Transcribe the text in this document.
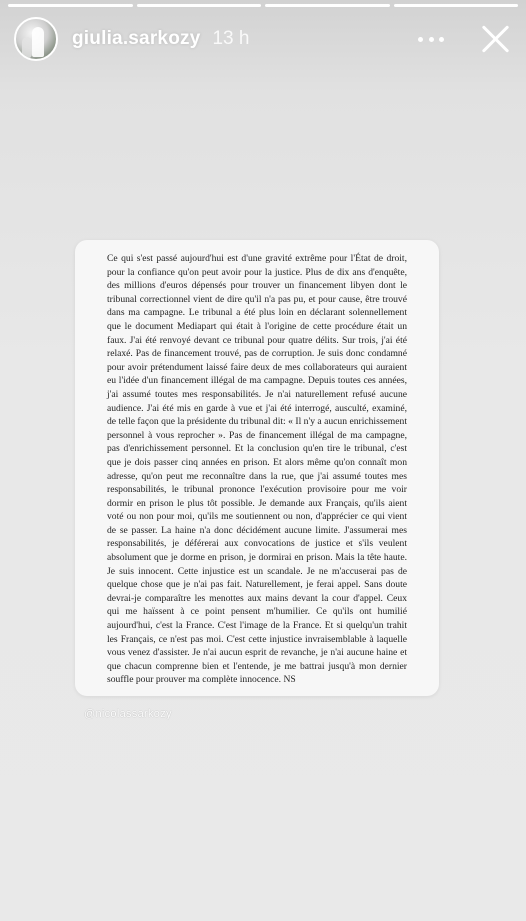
giulia.sarkozy 13 h

Ce qui s'est passé aujourd'hui est d'une gravité extrême pour l'État de droit, pour la confiance qu'on peut avoir pour la justice. Plus de dix ans d'enquête, des millions d'euros dépensés pour trouver un financement libyen dont le tribunal correctionnel vient de dire qu'il n'a pas pu, et pour cause, être trouvé dans ma campagne. Le tribunal a été plus loin en déclarant solennellement que le document Mediapart qui était à l'origine de cette procédure était un faux. J'ai été renvoyé devant ce tribunal pour quatre délits. Sur trois, j'ai été relaxé. Pas de financement trouvé, pas de corruption. Je suis donc condamné pour avoir prétendument laissé faire deux de mes collaborateurs qui auraient eu l'idée d'un financement illégal de ma campagne. Depuis toutes ces années, j'ai assumé toutes mes responsabilités. Je n'ai naturellement refusé aucune audience. J'ai été mis en garde à vue et j'ai été interrogé, ausculté, examiné, de telle façon que la présidente du tribunal dit: « Il n'y a aucun enrichissement personnel à vous reprocher ». Pas de financement illégal de ma campagne, pas d'enrichissement personnel. Et la conclusion qu'en tire le tribunal, c'est que je dois passer cinq années en prison. Et alors même qu'on connaît mon adresse, qu'on peut me reconnaître dans la rue, que j'ai assumé toutes mes responsabilités, le tribunal prononce l'exécution provisoire pour me voir dormir en prison le plus tôt possible. Je demande aux Français, qu'ils aient voté ou non pour moi, qu'ils me soutiennent ou non, d'apprécier ce qui vient de se passer. La haine n'a donc décidément aucune limite. J'assumerai mes responsabilités, je déférerai aux convocations de justice et s'ils veulent absolument que je dorme en prison, je dormirai en prison. Mais la tête haute. Je suis innocent. Cette injustice est un scandale. Je ne m'accuserai pas de quelque chose que je n'ai pas fait. Naturellement, je ferai appel. Sans doute devrai-je comparaître les menottes aux mains devant la cour d'appel. Ceux qui me haïssent à ce point pensent m'humilier. Ce qu'ils ont humilié aujourd'hui, c'est la France. C'est l'image de la France. Et si quelqu'un trahit les Français, ce n'est pas moi. C'est cette injustice invraisemblable à laquelle vous venez d'assister. Je n'ai aucun esprit de revanche, je n'ai aucune haine et que chacun comprenne bien et l'entende, je me battrai jusqu'à mon dernier souffle pour prouver ma complète innocence. NS

@nicolassarkozy
